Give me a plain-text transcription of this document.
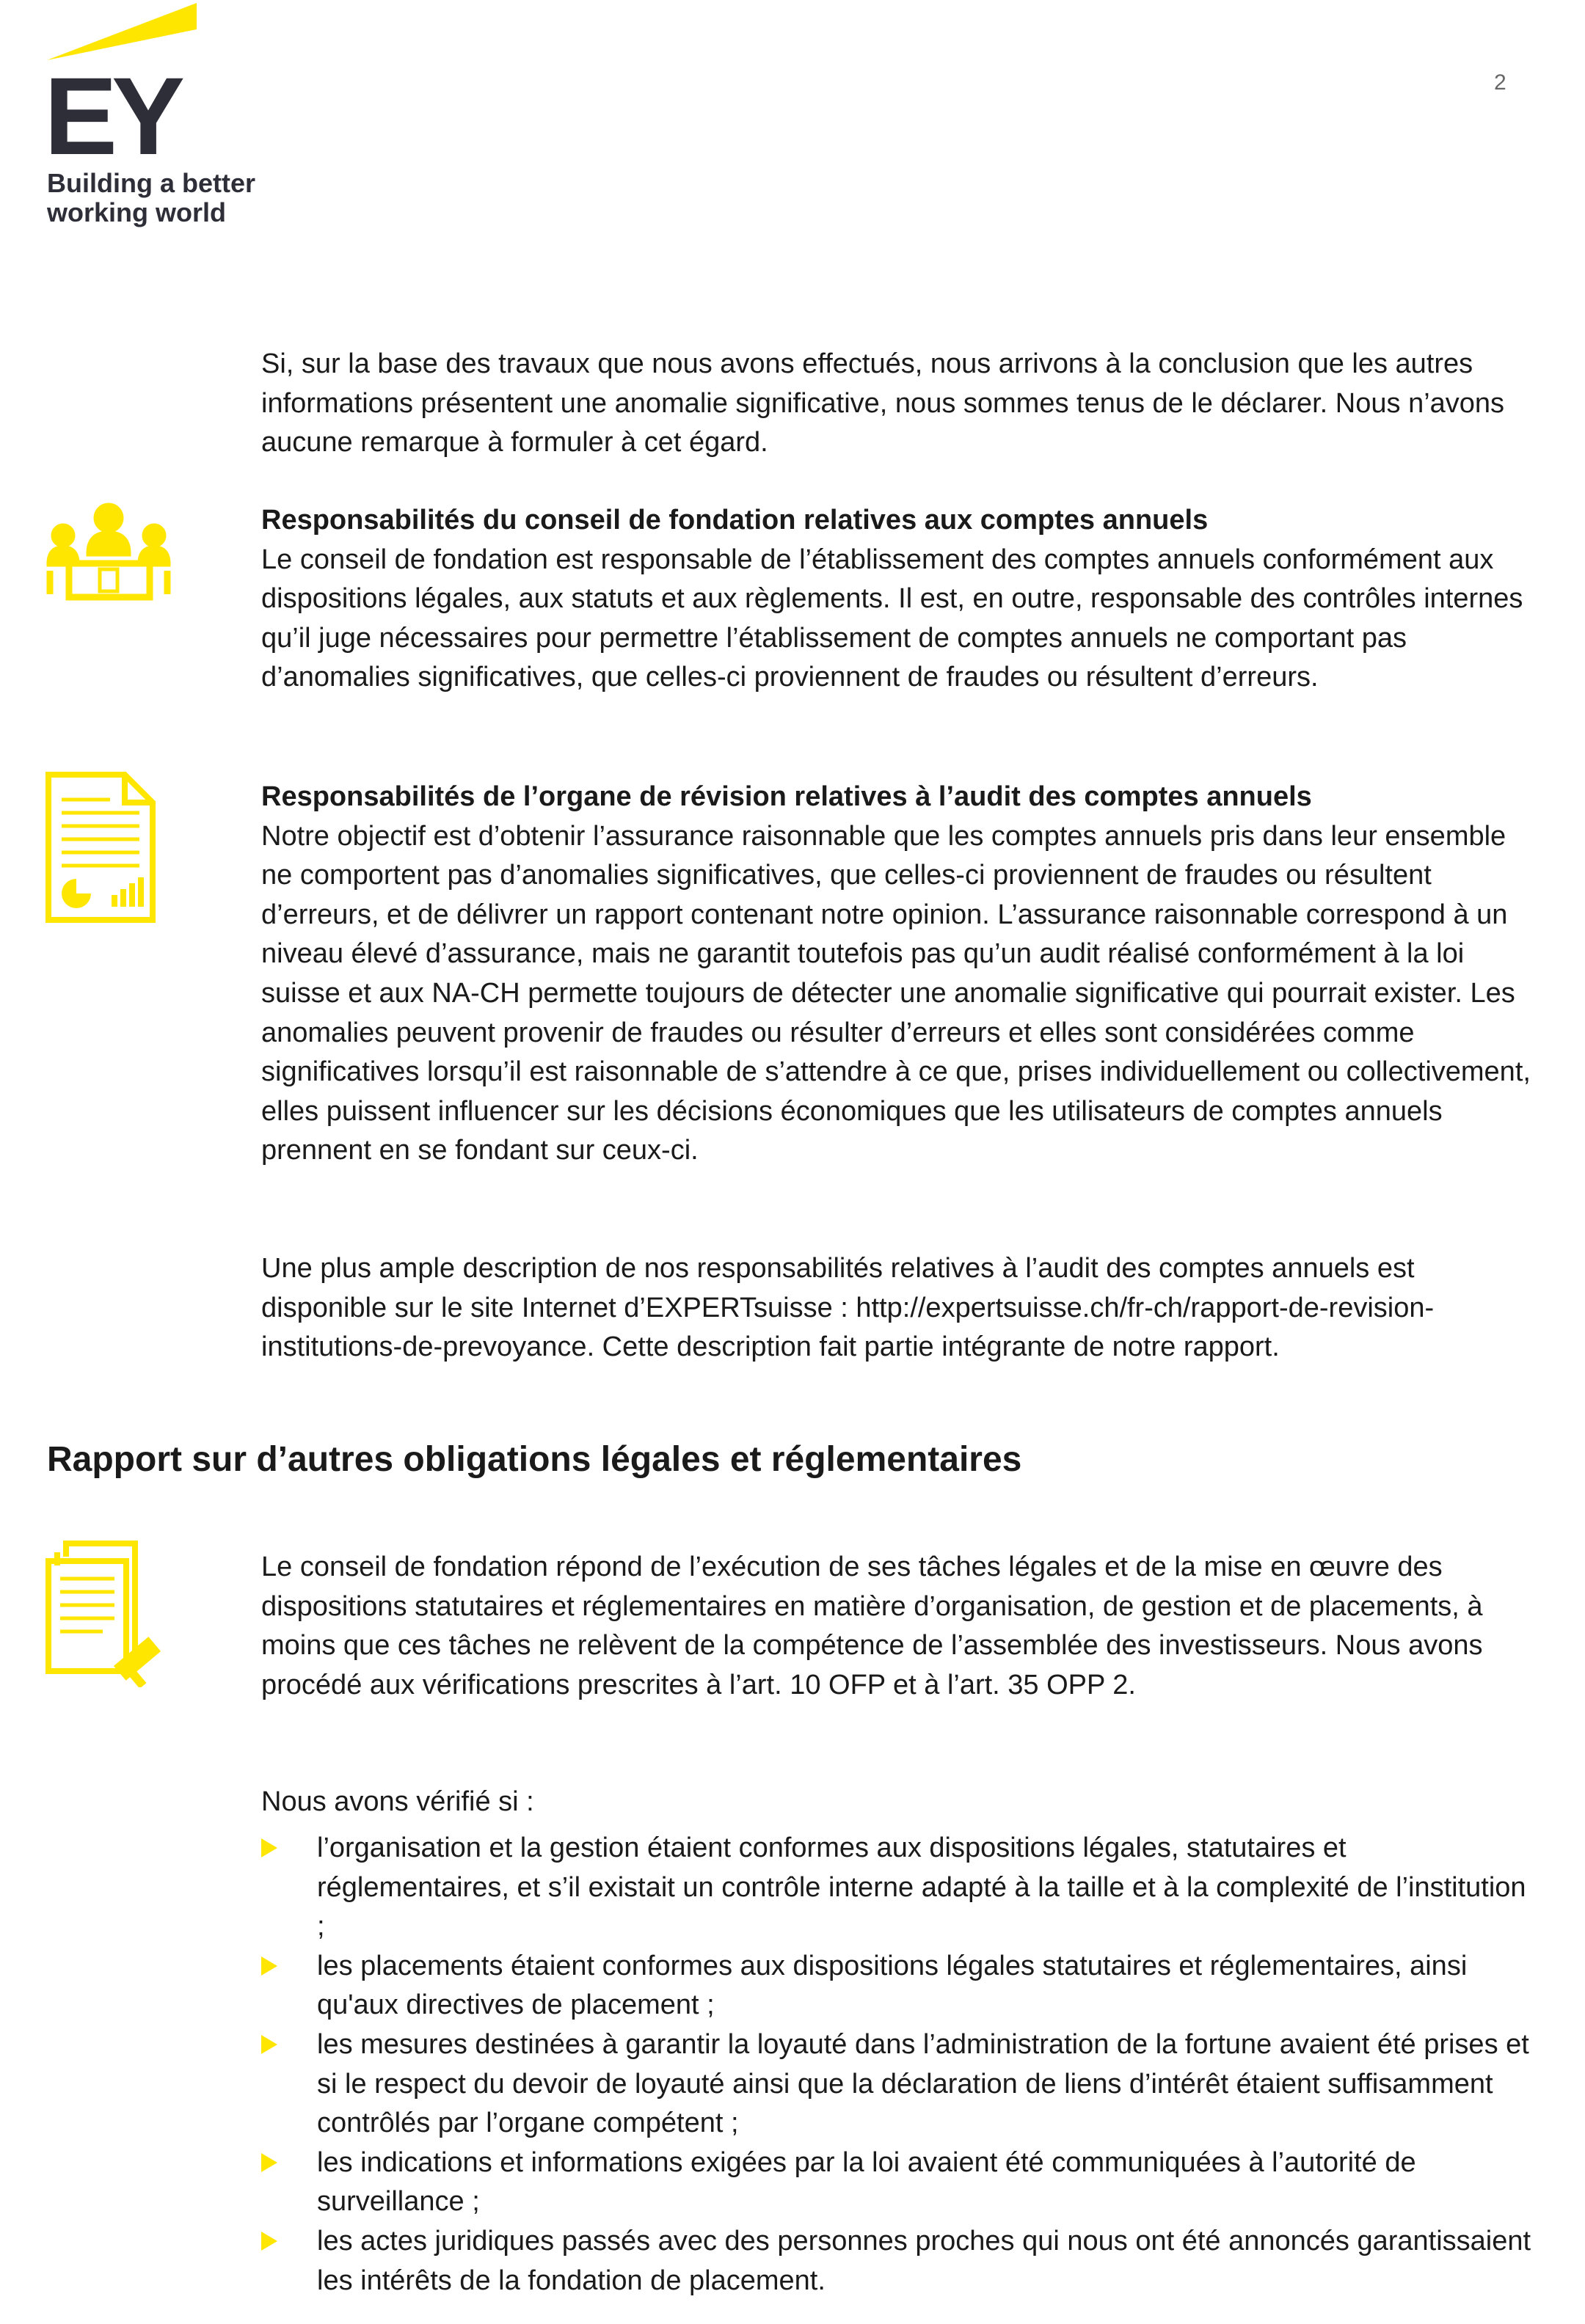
EY
Building a better
working world
2

Si, sur la base des travaux que nous avons effectués, nous arrivons à la conclusion que les autres informations présentent une anomalie significative, nous sommes tenus de le déclarer. Nous n’avons aucune remarque à formuler à cet égard.

Responsabilités du conseil de fondation relatives aux comptes annuels
Le conseil de fondation est responsable de l’établissement des comptes annuels conformément aux dispositions légales, aux statuts et aux règlements. Il est, en outre, responsable des contrôles internes qu’il juge nécessaires pour permettre l’établissement de comptes annuels ne comportant pas d’anomalies significatives, que celles-ci proviennent de fraudes ou résultent d’erreurs.
Responsabilités de l’organe de révision relatives à l’audit des comptes annuels
Notre objectif est d’obtenir l’assurance raisonnable que les comptes annuels pris dans leur ensemble ne comportent pas d’anomalies significatives, que celles-ci proviennent de fraudes ou résultent d’erreurs, et de délivrer un rapport contenant notre opinion. L’assurance raisonnable correspond à un niveau élevé d’assurance, mais ne garantit toutefois pas qu’un audit réalisé conformément à la loi suisse et aux NA-CH permette toujours de détecter une anomalie significative qui pourrait exister. Les anomalies peuvent provenir de fraudes ou résulter d’erreurs et elles sont considérées comme significatives lorsqu’il est raisonnable de s’attendre à ce que, prises individuellement ou collectivement, elles puissent influencer sur les décisions économiques que les utilisateurs de comptes annuels prennent en se fondant sur ceux-ci.

Une plus ample description de nos responsabilités relatives à l’audit des comptes annuels est disponible sur le site Internet d’EXPERTsuisse : http://expertsuisse.ch/fr-ch/rapport-de-revision-institutions-de-prevoyance. Cette description fait partie intégrante de notre rapport.

Rapport sur d’autres obligations légales et réglementaires

Le conseil de fondation répond de l’exécution de ses tâches légales et de la mise en œuvre des dispositions statutaires et réglementaires en matière d’organisation, de gestion et de placements, à moins que ces tâches ne relèvent de la compétence de l’assemblée des investisseurs. Nous avons procédé aux vérifications prescrites à l’art. 10 OFP et à l’art. 35 OPP 2.

Nous avons vérifié si :

l’organisation et la gestion étaient conformes aux dispositions légales, statutaires et réglementaires, et s’il existait un contrôle interne adapté à la taille et à la complexité de l’institution ;
les placements étaient conformes aux dispositions légales statutaires et réglementaires, ainsi qu'aux directives de placement ;
les mesures destinées à garantir la loyauté dans l’administration de la fortune avaient été prises et si le respect du devoir de loyauté ainsi que la déclaration de liens d’intérêt étaient suffisamment contrôlés par l’organe compétent ;
les indications et informations exigées par la loi avaient été communiquées à l’autorité de surveillance ;
les actes juridiques passés avec des personnes proches qui nous ont été annoncés garantissaient les intérêts de la fondation de placement.
